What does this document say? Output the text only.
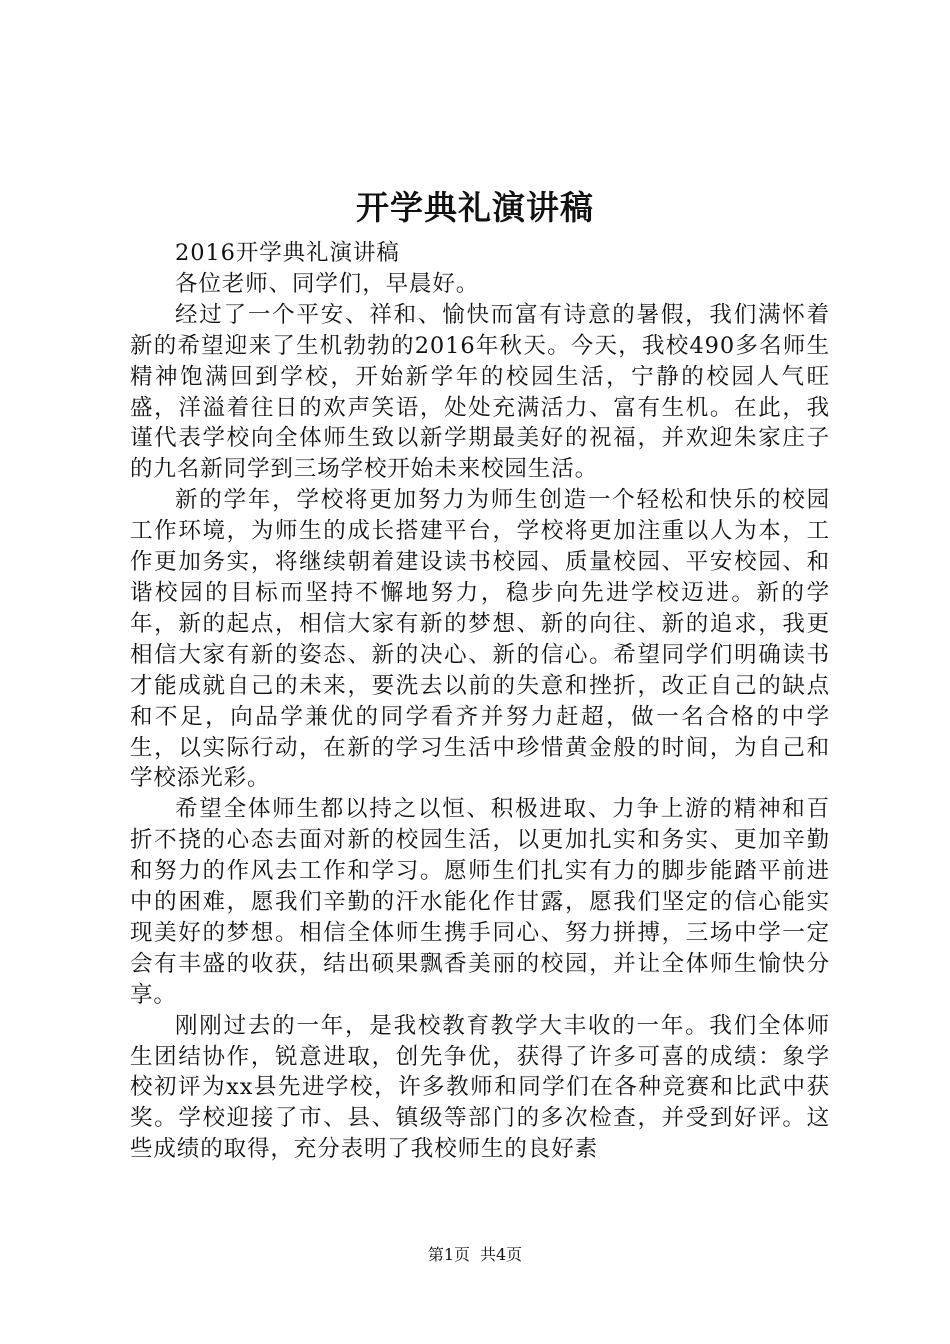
开学典礼演讲稿

2016开学典礼演讲稿

各位老师、同学们，早晨好。

经过了一个平安、祥和、愉快而富有诗意的暑假，我们满怀着新的希望迎来了生机勃勃的2016年秋天。今天，我校490多名师生精神饱满回到学校，开始新学年的校园生活，宁静的校园人气旺盛，洋溢着往日的欢声笑语，处处充满活力、富有生机。在此，我谨代表学校向全体师生致以新学期最美好的祝福，并欢迎朱家庄子的九名新同学到三场学校开始未来校园生活。

新的学年，学校将更加努力为师生创造一个轻松和快乐的校园工作环境，为师生的成长搭建平台，学校将更加注重以人为本，工作更加务实，将继续朝着建设读书校园、质量校园、平安校园、和谐校园的目标而坚持不懈地努力，稳步向先进学校迈进。新的学年，新的起点，相信大家有新的梦想、新的向往、新的追求，我更相信大家有新的姿态、新的决心、新的信心。希望同学们明确读书才能成就自己的未来，要洗去以前的失意和挫折，改正自己的缺点和不足，向品学兼优的同学看齐并努力赶超，做一名合格的中学生，以实际行动，在新的学习生活中珍惜黄金般的时间，为自己和学校添光彩。

希望全体师生都以持之以恒、积极进取、力争上游的精神和百折不挠的心态去面对新的校园生活，以更加扎实和务实、更加辛勤和努力的作风去工作和学习。愿师生们扎实有力的脚步能踏平前进中的困难，愿我们辛勤的汗水能化作甘露，愿我们坚定的信心能实现美好的梦想。相信全体师生携手同心、努力拼搏，三场中学一定会有丰盛的收获，结出硕果飘香美丽的校园，并让全体师生愉快分享。

刚刚过去的一年，是我校教育教学大丰收的一年。我们全体师生团结协作，锐意进取，创先争优，获得了许多可喜的成绩：象学校初评为xx县先进学校，许多教师和同学们在各种竞赛和比武中获奖。学校迎接了市、县、镇级等部门的多次检查，并受到好评。这些成绩的取得，充分表明了我校师生的良好素

第1页 共4页
